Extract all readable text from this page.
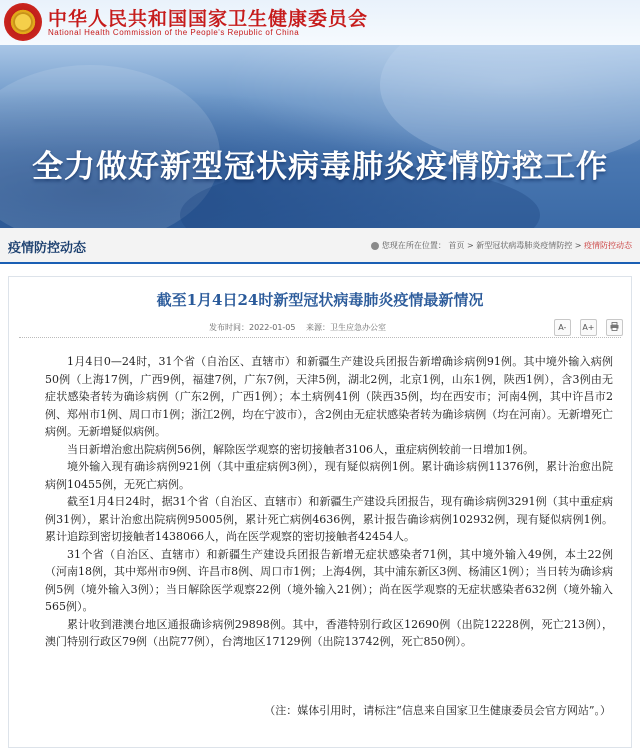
中华人民共和国国家卫生健康委员会
National Health Commission of the People's Republic of China
全力做好新型冠状病毒肺炎疫情防控工作
疫情防控动态	您现在所在位置： 首页 > 新型冠状病毒肺炎疫情防控 > 疫情防控动态
截至1月4日24时新型冠状病毒肺炎疫情最新情况
发布时间：2022-01-05 来源：卫生应急办公室	A- A+

1月4日0—24时，31个省（自治区、直辖市）和新疆生产建设兵团报告新增确诊病例91例。其中境外输入病例50例（上海17例，广西9例，福建7例，广东7例，天津5例，湖北2例，北京1例，山东1例，陕西1例），含3例由无症状感染者转为确诊病例（广东2例，广西1例）；本土病例41例（陕西35例，均在西安市；河南4例，其中许昌市2例、郑州市1例、周口市1例；浙江2例，均在宁波市），含2例由无症状感染者转为确诊病例（均在河南）。无新增死亡病例。无新增疑似病例。

当日新增治愈出院病例56例，解除医学观察的密切接触者3106人，重症病例较前一日增加1例。

境外输入现有确诊病例921例（其中重症病例3例），现有疑似病例1例。累计确诊病例11376例，累计治愈出院病例10455例，无死亡病例。

截至1月4日24时，据31个省（自治区、直辖市）和新疆生产建设兵团报告，现有确诊病例3291例（其中重症病例31例），累计治愈出院病例95005例，累计死亡病例4636例，累计报告确诊病例102932例，现有疑似病例1例。累计追踪到密切接触者1438066人，尚在医学观察的密切接触者42454人。

31个省（自治区、直辖市）和新疆生产建设兵团报告新增无症状感染者71例，其中境外输入49例，本土22例（河南18例，其中郑州市9例、许昌市8例、周口市1例；上海4例，其中浦东新区3例、杨浦区1例）；当日转为确诊病例5例（境外输入3例）；当日解除医学观察22例（境外输入21例）；尚在医学观察的无症状感染者632例（境外输入565例）。

累计收到港澳台地区通报确诊病例29898例。其中，香港特别行政区12690例（出院12228例，死亡213例），澳门特别行政区79例（出院77例），台湾地区17129例（出院13742例，死亡850例）。

（注：媒体引用时，请标注“信息来自国家卫生健康委员会官方网站”。）
